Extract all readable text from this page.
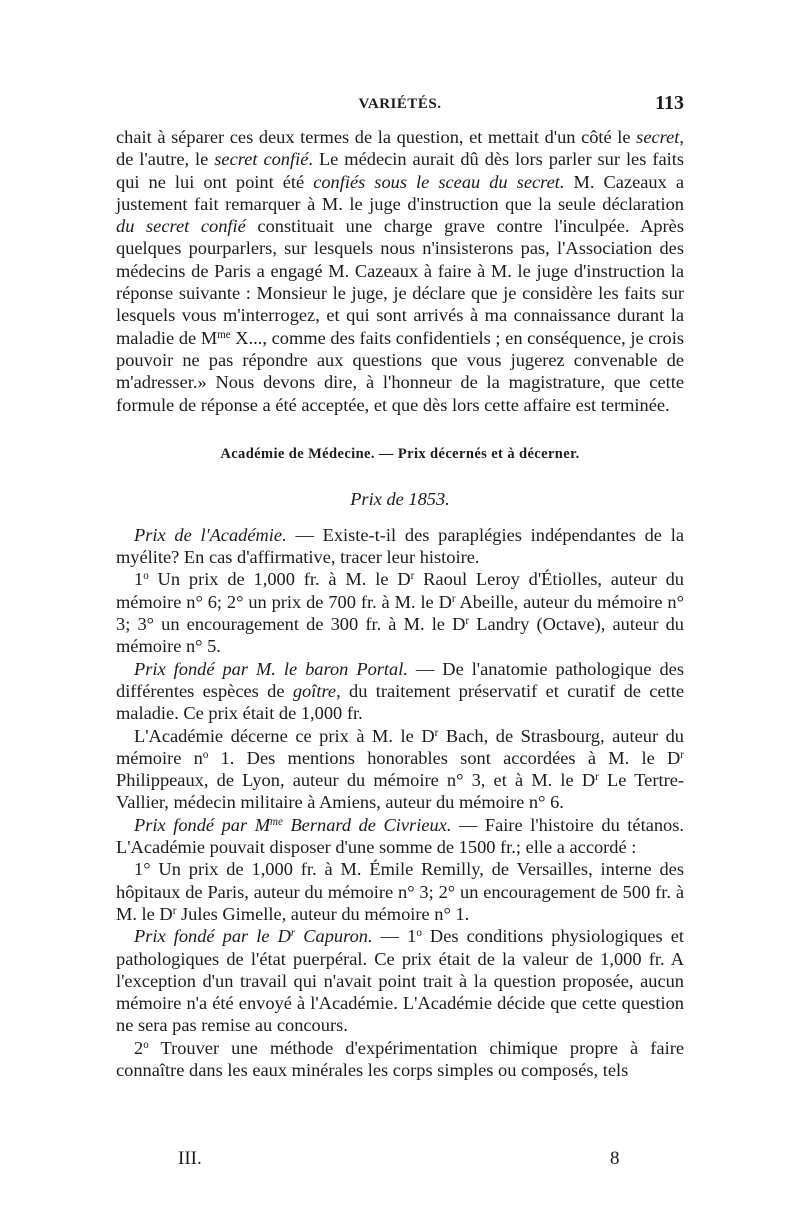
VARIÉTÉS.	113

chait à séparer ces deux termes de la question, et mettait d'un côté le secret, de l'autre, le secret confié. Le médecin aurait dû dès lors parler sur les faits qui ne lui ont point été confiés sous le sceau du secret. M. Cazeaux a justement fait remarquer à M. le juge d'instruction que la seule déclaration du secret confié constituait une charge grave contre l'inculpée. Après quelques pourparlers, sur lesquels nous n'insisterons pas, l'Association des médecins de Paris a engagé M. Cazeaux à faire à M. le juge d'instruction la réponse suivante : Monsieur le juge, je déclare que je considère les faits sur lesquels vous m'interrogez, et qui sont arrivés à ma connaissance durant la maladie de $M^{me}$ X..., comme des faits confidentiels ; en conséquence, je crois pouvoir ne pas répondre aux questions que vous jugerez convenable de m'adresser.» Nous devons dire, à l'honneur de la magistrature, que cette formule de réponse a été acceptée, et que dès lors cette affaire est terminée.

Académie de Médecine. — Prix décernés et à décerner.
Prix de 1853.

Prix de l'Académie. — Existe-t-il des paraplégies indépendantes de la myélite? En cas d'affirmative, tracer leur histoire.

1$^o$ Un prix de 1,000 fr. à M. le $D^r$ Raoul Leroy d'Étiolles, auteur du mémoire n° 6; 2° un prix de 700 fr. à M. le $D^r$ Abeille, auteur du mémoire n° 3; 3° un encouragement de 300 fr. à M. le $D^r$ Landry (Octave), auteur du mémoire n° 5.

Prix fondé par M. le baron Portal. — De l'anatomie pathologique des différentes espèces de goître, du traitement préservatif et curatif de cette maladie. Ce prix était de 1,000 fr.

L'Académie décerne ce prix à M. le $D^r$ Bach, de Strasbourg, auteur du mémoire $n^o$ 1. Des mentions honorables sont accordées à M. le $D^r$ Philippeaux, de Lyon, auteur du mémoire n° 3, et à M. le $D^r$ Le Tertre-Vallier, médecin militaire à Amiens, auteur du mémoire n° 6.

Prix fondé par $M^{me}$ Bernard de Civrieux. — Faire l'histoire du tétanos. L'Académie pouvait disposer d'une somme de 1500 fr.; elle a accordé :

1° Un prix de 1,000 fr. à M. Émile Remilly, de Versailles, interne des hôpitaux de Paris, auteur du mémoire n° 3; 2° un encouragement de 500 fr. à M. le $D^r$ Jules Gimelle, auteur du mémoire n° 1.

Prix fondé par le $D^r$ Capuron. — 1$^o$ Des conditions physiologiques et pathologiques de l'état puerpéral. Ce prix était de la valeur de 1,000 fr. A l'exception d'un travail qui n'avait point trait à la question proposée, aucun mémoire n'a été envoyé à l'Académie. L'Académie décide que cette question ne sera pas remise au concours.

2$^o$ Trouver une méthode d'expérimentation chimique propre à faire connaître dans les eaux minérales les corps simples ou composés, tels

III.	8
